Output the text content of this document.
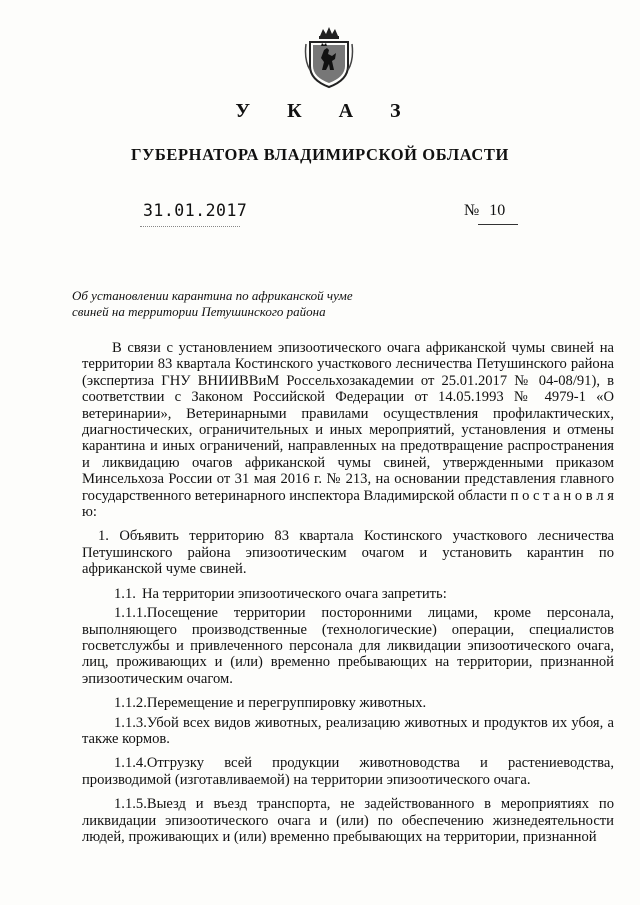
У К А З
ГУБЕРНАТОРА ВЛАДИМИРСКОЙ ОБЛАСТИ
31.01.2017	№ 10
Об установлении карантина по африканской чуме
свиней на территории Петушинского района

В связи с установлением эпизоотического очага африканской чумы свиней на территории 83 квартала Костинского участкового лесничества Петушинского района (экспертиза ГНУ ВНИИВВиМ Россельхозакадемии от 25.01.2017 № 04-08/91), в соответствии с Законом Российской Федерации от 14.05.1993 № 4979-1 «О ветеринарии», Ветеринарными правилами осуществления профилактических, диагностических, ограничительных и иных мероприятий, установления и отмены карантина и иных ограничений, направленных на предотвращение распространения и ликвидацию очагов африканской чумы свиней, утвержденными приказом Минсельхоза России от 31 мая 2016 г. № 213, на основании представления главного государственного ветеринарного инспектора Владимирской области п о с т а н о в л я ю:

1. Объявить территорию 83 квартала Костинского участкового лесничества Петушинского района эпизоотическим очагом и установить карантин по африканской чуме свиней.

1.1. На территории эпизоотического очага запретить:

1.1.1.Посещение территории посторонними лицами, кроме персонала, выполняющего производственные (технологические) операции, специалистов госветслужбы и привлеченного персонала для ликвидации эпизоотического очага, лиц, проживающих и (или) временно пребывающих на территории, признанной эпизоотическим очагом.

1.1.2.Перемещение и перегруппировку животных.

1.1.3.Убой всех видов животных, реализацию животных и продуктов их убоя, а также кормов.

1.1.4.Отгрузку всей продукции животноводства и растениеводства, производимой (изготавливаемой) на территории эпизоотического очага.

1.1.5.Выезд и въезд транспорта, не задействованного в мероприятиях по ликвидации эпизоотического очага и (или) по обеспечению жизнедеятельности людей, проживающих и (или) временно пребывающих на территории, признанной
